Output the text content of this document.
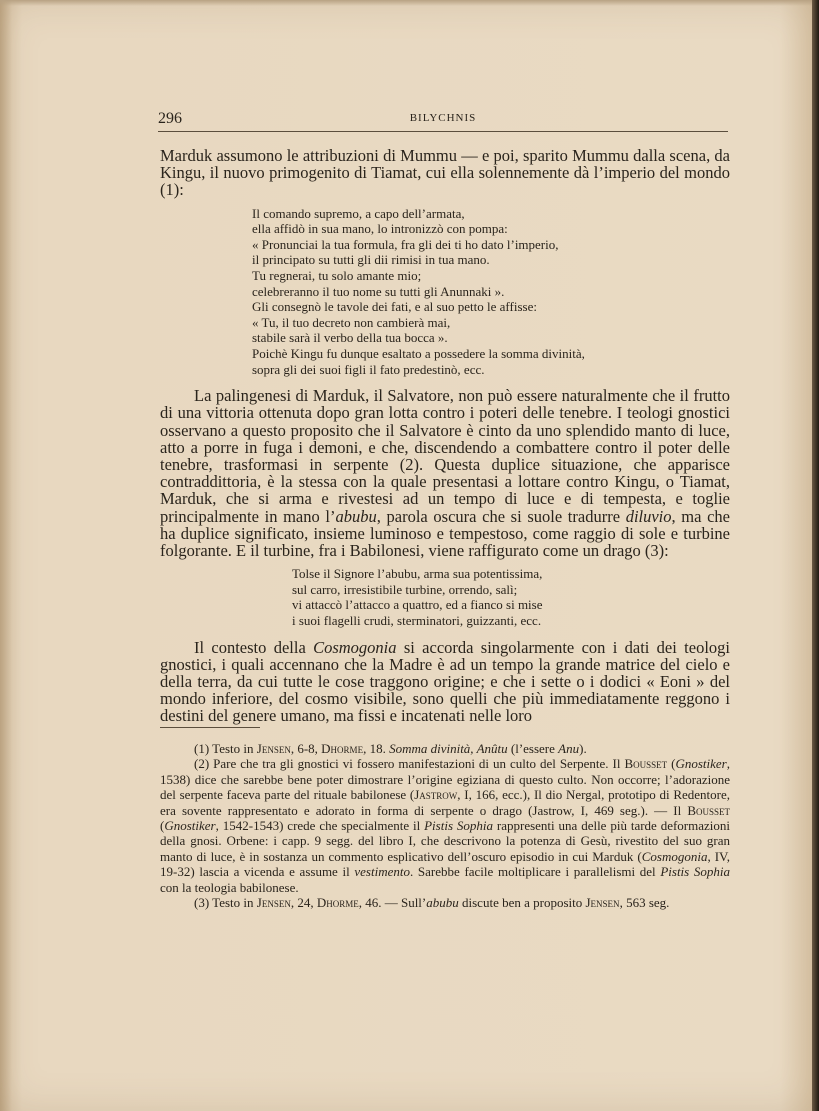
296	BILYCHNIS

Marduk assumono le attribuzioni di Mummu — e poi, sparito Mummu dalla scena, da Kingu, il nuovo primogenito di Tiamat, cui ella solennemente dà l’imperio del mondo (1):

Il comando supremo, a capo dell’armata,
ella affidò in sua mano, lo intronizzò con pompa:
« Pronunciai la tua formula, fra gli dei ti ho dato l’imperio,
il principato su tutti gli dii rimisi in tua mano.
Tu regnerai, tu solo amante mio;
celebreranno il tuo nome su tutti gli Anunnaki ».
Gli consegnò le tavole dei fati, e al suo petto le affisse:
« Tu, il tuo decreto non cambierà mai,
stabile sarà il verbo della tua bocca ».
Poichè Kingu fu dunque esaltato a possedere la somma divinità,
sopra gli dei suoi figli il fato predestinò, ecc.

La palingenesi di Marduk, il Salvatore, non può essere naturalmente che il frutto di una vittoria ottenuta dopo gran lotta contro i poteri delle tenebre. I teologi gnostici osservano a questo proposito che il Salvatore è cinto da uno splendido manto di luce, atto a porre in fuga i demoni, e che, discendendo a combattere contro il poter delle tenebre, trasformasi in serpente (2). Questa duplice situazione, che apparisce contraddittoria, è la stessa con la quale presentasi a lottare contro Kingu, o Tiamat, Marduk, che si arma e rivestesi ad un tempo di luce e di tempesta, e toglie principalmente in mano l’abubu, parola oscura che si suole tradurre diluvio, ma che ha duplice significato, insieme luminoso e tempestoso, come raggio di sole e turbine folgorante. E il turbine, fra i Babilonesi, viene raffigurato come un drago (3):

Tolse il Signore l’abubu, arma sua potentissima,
sul carro, irresistibile turbine, orrendo, salì;
vi attaccò l’attacco a quattro, ed a fianco si mise
i suoi flagelli crudi, sterminatori, guizzanti, ecc.

Il contesto della Cosmogonia si accorda singolarmente con i dati dei teologi gnostici, i quali accennano che la Madre è ad un tempo la grande matrice del cielo e della terra, da cui tutte le cose traggono origine; e che i sette o i dodici « Eoni » del mondo inferiore, del cosmo visibile, sono quelli che più immediatamente reggono i destini del genere umano, ma fissi e incatenati nelle loro

(1) Testo in Jensen, 6-8, Dhorme, 18. Somma divinità, Anûtu (l’essere Anu).

(2) Pare che tra gli gnostici vi fossero manifestazioni di un culto del Serpente. Il Bousset (Gnostiker, 1538) dice che sarebbe bene poter dimostrare l’origine egiziana di questo culto. Non occorre; l’adorazione del serpente faceva parte del rituale babilonese (Jastrow, I, 166, ecc.), Il dio Nergal, prototipo di Redentore, era sovente rappresentato e adorato in forma di serpente o drago (Jastrow, I, 469 seg.). — Il Bousset (Gnostiker, 1542-1543) crede che specialmente il Pistis Sophia rappresenti una delle più tarde deformazioni della gnosi. Orbene: i capp. 9 segg. del libro I, che descrivono la potenza di Gesù, rivestito del suo gran manto di luce, è in sostanza un commento esplicativo dell’oscuro episodio in cui Marduk (Cosmogonia, IV, 19-32) lascia a vicenda e assume il vestimento. Sarebbe facile moltiplicare i parallelismi del Pistis Sophia con la teologia babilonese.

(3) Testo in Jensen, 24, Dhorme, 46. — Sull’abubu discute ben a proposito Jensen, 563 seg.
